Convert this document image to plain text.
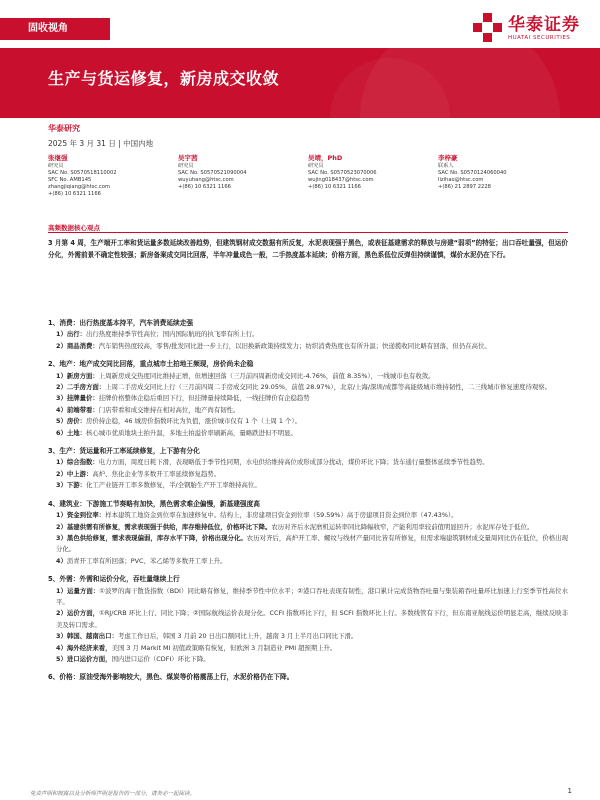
固收视角	华泰证券
HUATAI SECURITIES
生产与货运修复，新房成交收敛
华泰研究
2025 年 3 月 31 日 | 中国内地
张继强
研究员
SAC No. S0570518110002
SFC No. AMB145
zhangjiqiang@htsc.com
+(86) 10 6321 1166
吴宇茜
研究员
SAC No. S0570521090004
wuyuhang@htsc.com
+(86) 10 6321 1166
吴靖，PhD
研究员
SAC No. S0570523070006
wujing018437@htsc.com
+(86) 10 6321 1166
李梓豪
联系人
SAC No. S0570124060040
lizihao@htsc.com
+(86) 21 2897 2228
高频数据核心观点
3 月第 4 周，生产端开工率和货运量多数延续改善趋势，但建筑钢材成交数据有所反复，水泥表现强于黑色，或表征基建需求的释放与房建“弱项”的特征；出口吞吐量强，但运价分化，外需前景不确定性较强；新房备案成交同比回落，半年冲量成色一般，二手热度基本延续；价格方面，黑色系低位反弹但持续谨慎，煤价水泥仍在下行。
1、消费：出行热度基本持平，汽车消费延续走强
1）出行：出行热度维持季节性高位；国内国际航班的执飞率有所上行。
2）商品消费：汽车销售热度较高，零售/批发同比进一步上行，以旧换新政策持续发力；纺织消费热度也有所升温；快递揽收同比略有回落，但仍在高位。
2、地产：地产成交同比回落，重点城市土拍地王频现，房价尚未企稳
1）新房方面：上周新房成交热度同比维持正增，但增速回落（三月前四周新房成交同比-4.76%，前值 8.35%），一线城市也有收敛。
2）二手房方面：上周二手房成交同比上行（三月前四周二手房成交同比 29.05%，前值 28.97%），北京/上海/深圳/成都等高能级城市维持韧性，二三线城市修复速度待观察。
3）挂牌量价：挂牌价格整体企稳后重回下行，但挂牌量持续降低，一线挂牌价有企稳趋势
4）前端带看：门店带看和成交维持在相对高位，地产尚有韧性。
5）房价：房价持企稳，46 城房价指数环比为负值，涨价城市仅有 1 个（上周 1 个）。
6）土地：核心城市优质地块土拍升温，多地土拍溢价率刷新高，量略跌进但不明显。
3、生产：货运量和开工率延续修复，上下游有分化
1）综合指数：电力方面，周度日耗下滑，表现略低于季节性同期，水电供给维持高位或形成部分扰动，煤价环比下降；货车通行量整体延续季节性趋势。
2）中上游：高炉、焦化企业等多数开工率延续修复趋势。
3）下游：化工产业链开工率多数修复，半/全钢胎生产开工率维持高位。
4、建筑业：下游施工节奏略有加快，黑色需求难企偏慢，新基建强度高
1）资金到位率：样本建筑工地资金到位率在加速修复中。结构上，非房建项目资金到位率（59.59%）高于房建项目资金到位率（47.43%）。
2）基建供需有所修复，需求表现强于供给，库存维持低位，价格环比下降。农历对齐后水泥磨机运转率同比降幅收窄，产能利用率较前值明显回升；水泥库存处于低位。
3）黑色供给修复，需求表现偏弱，库存水平下降，价格出现分化。农历对齐后，高炉开工率、螺纹与线材产量同比皆有所修复，但需求端建筑钢材成交量周同比仍在低位，价格出现分化。
4）沥青开工率有所回落；PVC、苯乙烯等多数开工率上升。
5、外需：外需和运价分化，吞吐量继续上行
1）运量方面：①波罗的海干散货指数（BDI）同比略有修复，维持季节性中位水平；②港口吞吐表现有韧性，港口累计完成货物吞吐量与集装箱吞吐量环比加速上行至季节性高位水平。
2）运价方面，①RJ/CRB 环比上行、同比下降；②国际航线运价表现分化。CCFI 指数环比下行，但 SCFI 指数环比上行。多数线管有下行，但东南亚航线运价明显走高，继续反映非美及转口需求。
3）韩国、越南出口：考虑工作日后，韩国 3 月前 20 日出口额同比上升，越南 3 月上半月出口同比下滑。
4）海外经济来看，美国 3 月 Markit MI 初值政策略有恢复，但欧洲 3 月制造业 PMI 超预期上升。
5）进口运价方面，国内进口运价（CDFI）环比下降。
6、价格：原油受海外影响较大，黑色、煤炭等价格震荡上行，水泥价格仍在下降。
免责声明和披露以及分析师声明是报告的一部分，请务必一起阅读。	1
